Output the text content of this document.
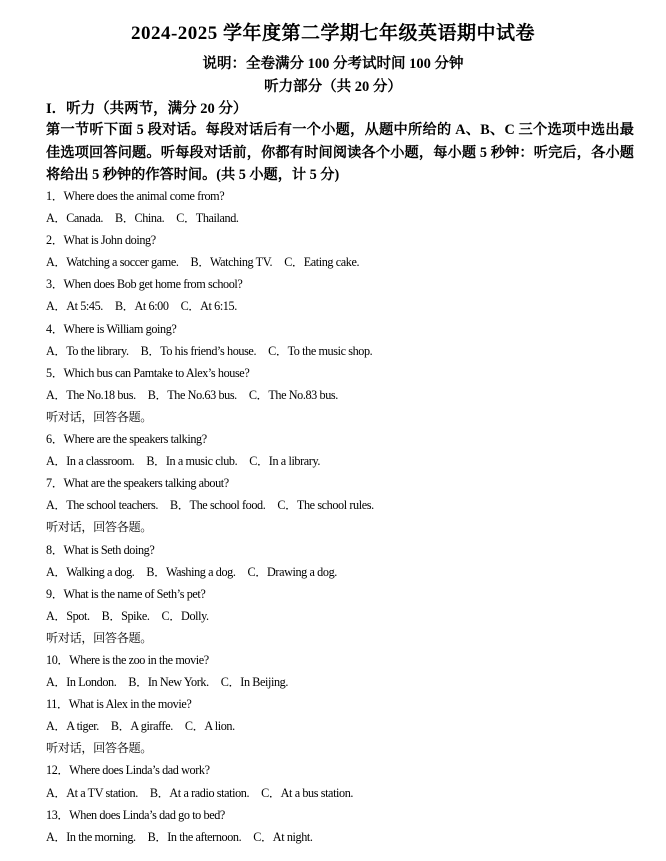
2024-2025 学年度第二学期七年级英语期中试卷
说明：全卷满分 100 分考试时间 100 分钟
听力部分（共 20 分）
I．听力（共两节，满分 20 分）
第一节听下面 5 段对话。每段对话后有一个小题，从题中所给的 A、B、C 三个选项中选出最佳选项回答问题。听每段对话前，你都有时间阅读各个小题，每小题 5 秒钟：听完后，各小题将给出 5 秒钟的作答时间。(共 5 小题，计 5 分)
1．Where does the animal come from?
A．Canada. B．China. C．Thailand.
2．What is John doing?
A．Watching a soccer game. B．Watching TV. C．Eating cake.
3．When does Bob get home from school?
A．At 5:45. B．At 6:00 C．At 6:15.
4．Where is William going?
A．To the library. B．To his friend’s house. C．To the music shop.
5．Which bus can Pamtake to Alex’s house?
A．The No.18 bus. B．The No.63 bus. C．The No.83 bus.
听对话，回答各题。
6．Where are the speakers talking?
A．In a classroom. B．In a music club. C．In a library.
7．What are the speakers talking about?
A．The school teachers. B．The school food. C．The school rules.
听对话，回答各题。
8．What is Seth doing?
A．Walking a dog. B．Washing a dog. C．Drawing a dog.
9．What is the name of Seth’s pet?
A．Spot. B．Spike. C．Dolly.
听对话，回答各题。
10．Where is the zoo in the movie?
A．In London. B．In New York. C．In Beijing.
11．What is Alex in the movie?
A．A tiger. B．A giraffe. C．A lion.
听对话，回答各题。
12．Where does Linda’s dad work?
A．At a TV station. B．At a radio station. C．At a bus station.
13．When does Linda’s dad go to bed?
A．In the morning. B．In the afternoon. C．At night.
